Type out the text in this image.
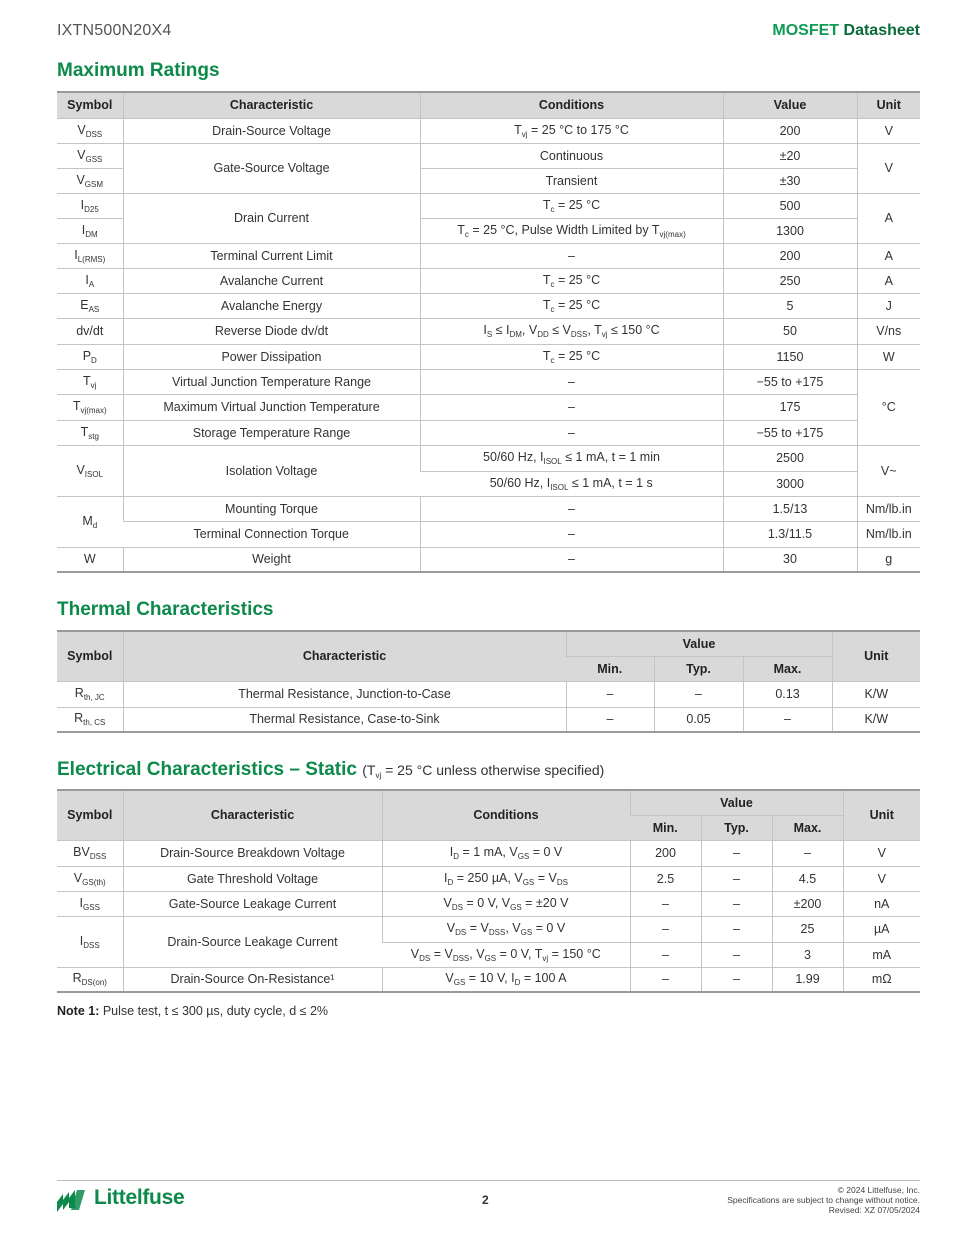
IXTN500N20X4	MOSFET Datasheet
Maximum Ratings
Symbol	Characteristic	Conditions	Value	Unit
$V_{DSS}$	Drain-Source Voltage	$T_{vj} = 25$ °C to 175 °C	200	V
$V_{GSS}$	Gate-Source Voltage	Continuous	±20	V
$V_{GSM}$		Transient	±30	
$I_{D25}$	Drain Current	$T_c = 25$ °C	500	A
$I_{DM}$		$T_c = 25$ °C, Pulse Width Limited by $T_{vj(max)}$	1300	
$I_{L(RMS)}$	Terminal Current Limit	–	200	A
$I_A$	Avalanche Current	$T_c = 25$ °C	250	A
$E_{AS}$	Avalanche Energy	$T_c = 25$ °C	5	J
dv/dt	Reverse Diode dv/dt	$I_S \le I_{DM}$, $V_{DD} \le V_{DSS}$, $T_{vj} \le 150$ °C	50	V/ns
$P_D$	Power Dissipation	$T_c = 25$ °C	1150	W
$T_{vj}$	Virtual Junction Temperature Range	–	−55 to +175	°C
$T_{vj(max)}$	Maximum Virtual Junction Temperature	–	175	
$T_{stg}$	Storage Temperature Range	–	−55 to +175	
$V_{ISOL}$	Isolation Voltage	50/60 Hz, $I_{ISOL} \le 1$ mA, t = 1 min	2500	V~
		50/60 Hz, $I_{ISOL} \le 1$ mA, t = 1 s	3000	
$M_d$	Mounting Torque	–	1.5/13	Nm/lb.in
	Terminal Connection Torque	–	1.3/11.5	Nm/lb.in
W	Weight	–	30	g
Thermal Characteristics
Symbol	Characteristic	Value			Unit
		Min.	Typ.	Max.	
$R_{th, JC}$	Thermal Resistance, Junction-to-Case	–	–	0.13	K/W
$R_{th, CS}$	Thermal Resistance, Case-to-Sink	–	0.05	–	K/W
Electrical Characteristics – Static ($T_{vj} = 25$ °C unless otherwise specified)
Symbol	Characteristic	Conditions	Value			Unit
			Min.	Typ.	Max.	
$BV_{DSS}$	Drain-Source Breakdown Voltage	$I_D = 1$ mA, $V_{GS} = 0$ V	200	–	–	V
$V_{GS(th)}$	Gate Threshold Voltage	$I_D = 250$ µA, $V_{GS} = V_{DS}$	2.5	–	4.5	V
$I_{GSS}$	Gate-Source Leakage Current	$V_{DS} = 0$ V, $V_{GS} = \pm 20$ V	–	–	±200	nA
$I_{DSS}$	Drain-Source Leakage Current	$V_{DS} = V_{DSS}$, $V_{GS} = 0$ V	–	–	25	µA
		$V_{DS} = V_{DSS}$, $V_{GS} = 0$ V, $T_{vj} = 150$ °C	–	–	3	mA
$R_{DS(on)}$	Drain-Source On-Resistance¹	$V_{GS} = 10$ V, $I_D = 100$ A	–	–	1.99	mΩ
Note 1: Pulse test, t ≤ 300 µs, duty cycle, d ≤ 2%
Littelfuse	2
© 2024 Littelfuse, Inc.
Specifications are subject to change without notice.
Revised: XZ 07/05/2024
